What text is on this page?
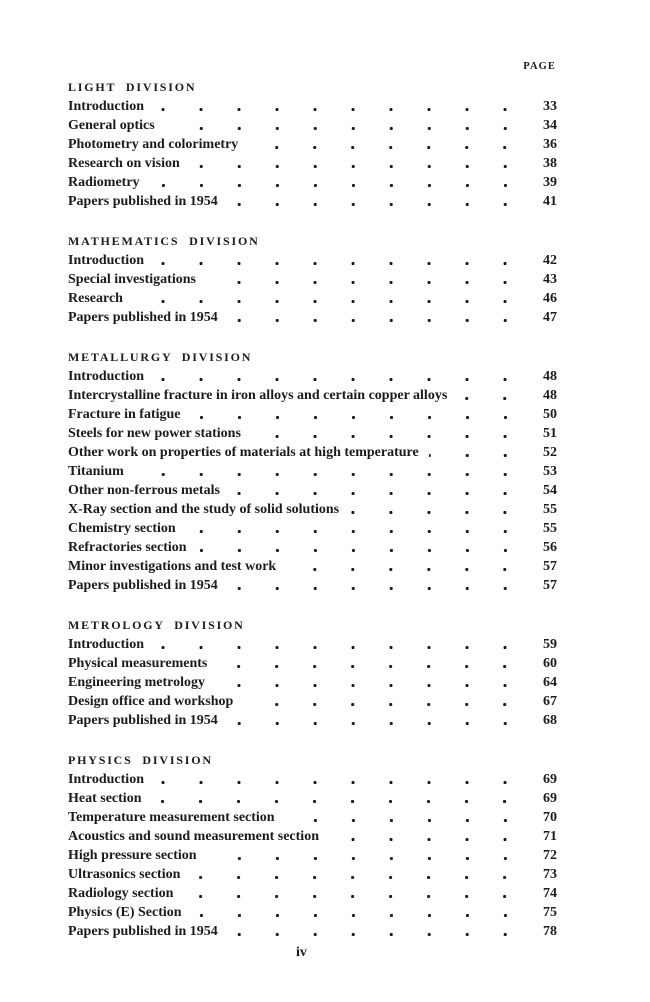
PAGE
LIGHT DIVISION
Introduction	33
General optics	34
Photometry and colorimetry	36
Research on vision	38
Radiometry	39
Papers published in 1954	41
MATHEMATICS DIVISION
Introduction	42
Special investigations	43
Research	46
Papers published in 1954	47
METALLURGY DIVISION
Introduction	48
Intercrystalline fracture in iron alloys and certain copper alloys	48
Fracture in fatigue	50
Steels for new power stations	51
Other work on properties of materials at high temperature	52
Titanium	53
Other non-ferrous metals	54
X-Ray section and the study of solid solutions	55
Chemistry section	55
Refractories section	56
Minor investigations and test work	57
Papers published in 1954	57
METROLOGY DIVISION
Introduction	59
Physical measurements	60
Engineering metrology	64
Design office and workshop	67
Papers published in 1954	68
PHYSICS DIVISION
Introduction	69
Heat section	69
Temperature measurement section	70
Acoustics and sound measurement section	71
High pressure section	72
Ultrasonics section	73
Radiology section	74
Physics (E) Section	75
Papers published in 1954	78
iv
